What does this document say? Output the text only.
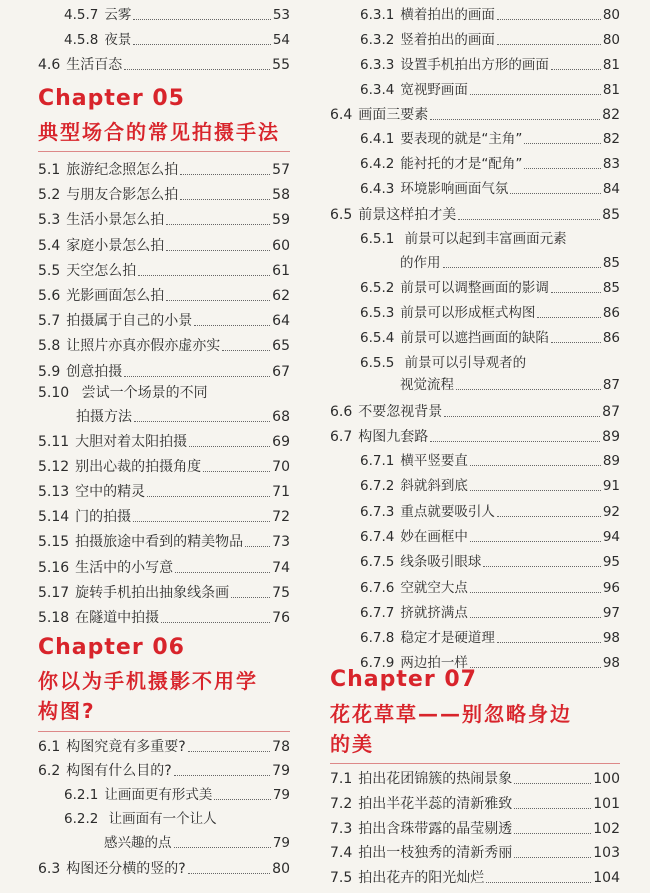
4.5.7 云雾	53
4.5.8 夜景	54
4.6 生活百态	55
Chapter 05
典型场合的常见拍摄手法
5.1 旅游纪念照怎么拍	57
5.2 与朋友合影怎么拍	58
5.3 生活小景怎么拍	59
5.4 家庭小景怎么拍	60
5.5 天空怎么拍	61
5.6 光影画面怎么拍	62
5.7 拍摄属于自己的小景	64
5.8 让照片亦真亦假亦虚亦实	65
5.9 创意拍摄	67
5.10 尝试一个场景的不同
拍摄方法	68
5.11 大胆对着太阳拍摄	69
5.12 别出心裁的拍摄角度	70
5.13 空中的精灵	71
5.14 门的拍摄	72
5.15 拍摄旅途中看到的精美物品 73
5.16 生活中的小写意	74
5.17 旋转手机拍出抽象线条画	75
5.18 在隧道中拍摄	76
Chapter 06
你以为手机摄影不用学
构图?
6.1 构图究竟有多重要?	78
6.2 构图有什么目的?	79
6.2.1 让画面更有形式美	79
6.2.2 让画面有一个让人
感兴趣的点	79
6.3 构图还分横的竖的?	80
6.3.1 横着拍出的画面	80
6.3.2 竖着拍出的画面	80
6.3.3 设置手机拍出方形的画面	81
6.3.4 宽视野画面	81
6.4 画面三要素	82
6.4.1 要表现的就是“主角”	82
6.4.2 能衬托的才是“配角”	83
6.4.3 环境影响画面气氛	84
6.5 前景这样拍才美	85
6.5.1 前景可以起到丰富画面元素
的作用	85
6.5.2 前景可以调整画面的影调	85
6.5.3 前景可以形成框式构图	86
6.5.4 前景可以遮挡画面的缺陷	86
6.5.5 前景可以引导观者的
视觉流程	87
6.6 不要忽视背景	87
6.7 构图九套路	89
6.7.1 横平竖要直	89
6.7.2 斜就斜到底	91
6.7.3 重点就要吸引人	92
6.7.4 妙在画框中	94
6.7.5 线条吸引眼球	95
6.7.6 空就空大点	96
6.7.7 挤就挤满点	97
6.7.8 稳定才是硬道理	98
6.7.9 两边拍一样	98
Chapter 07
花花草草——别忽略身边
的美
7.1 拍出花团锦簇的热闹景象	100
7.2 拍出半花半蕊的清新雅致	101
7.3 拍出含珠带露的晶莹剔透	102
7.4 拍出一枝独秀的清新秀丽	103
7.5 拍出花卉的阳光灿烂	104
